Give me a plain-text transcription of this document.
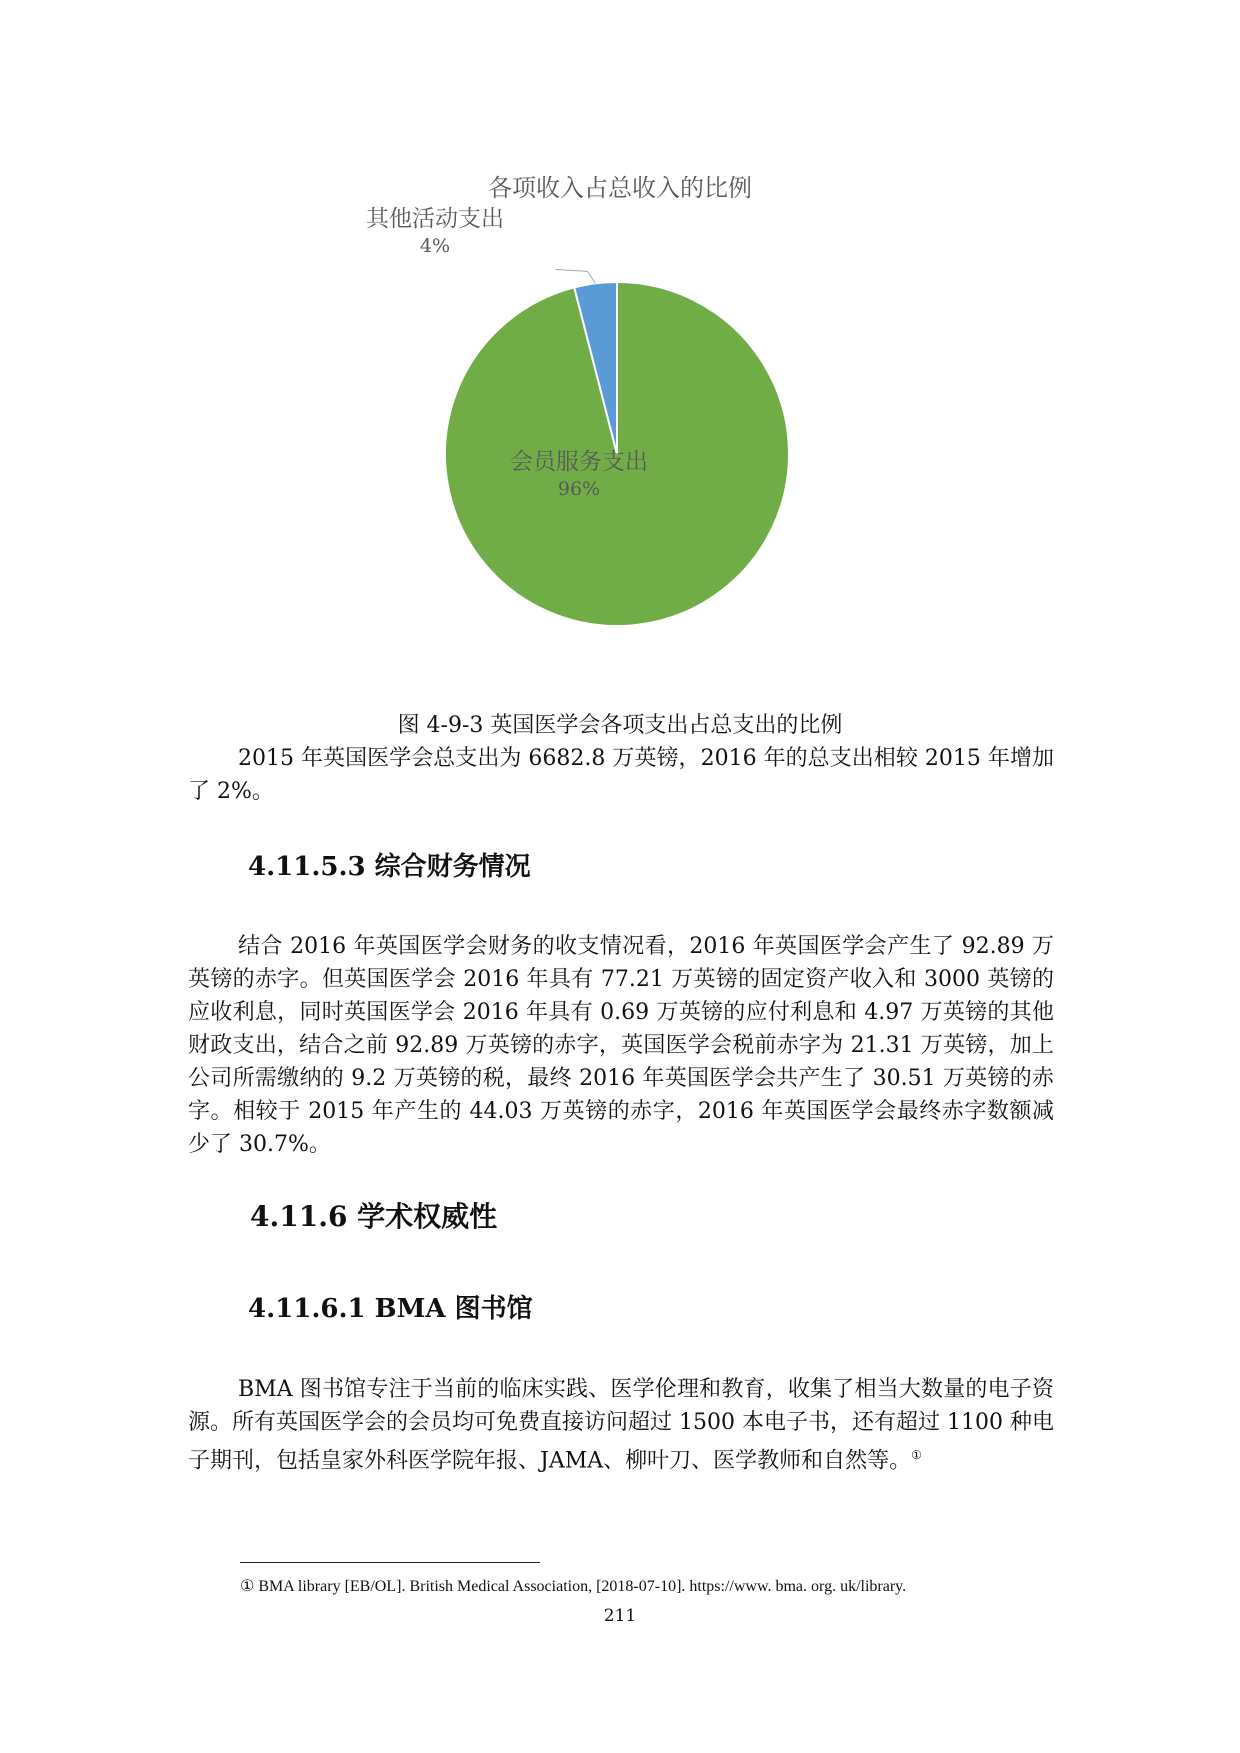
各项收入占总收入的比例
会员服务支出
96%
其他活动支出
4%
图 4-9-3 英国医学会各项支出占总支出的比例

2015 年英国医学会总支出为 6682.8 万英镑，2016 年的总支出相较 2015 年增加了 2%。

4.11.5.3 综合财务情况

结合 2016 年英国医学会财务的收支情况看，2016 年英国医学会产生了 92.89 万英镑的赤字。但英国医学会 2016 年具有 77.21 万英镑的固定资产收入和 3000 英镑的应收利息，同时英国医学会 2016 年具有 0.69 万英镑的应付利息和 4.97 万英镑的其他财政支出，结合之前 92.89 万英镑的赤字，英国医学会税前赤字为 21.31 万英镑，加上公司所需缴纳的 9.2 万英镑的税，最终 2016 年英国医学会共产生了 30.51 万英镑的赤字。相较于 2015 年产生的 44.03 万英镑的赤字，2016 年英国医学会最终赤字数额减少了 30.7%。

4.11.6 学术权威性
4.11.6.1 BMA 图书馆

BMA 图书馆专注于当前的临床实践、医学伦理和教育，收集了相当大数量的电子资源。所有英国医学会的会员均可免费直接访问超过 1500 本电子书，还有超过 1100 种电子期刊，包括皇家外科医学院年报、JAMA、柳叶刀、医学教师和自然等。①

① BMA library [EB/OL]. British Medical Association, [2018-07-10]. https://www. bma. org. uk/library.
211
